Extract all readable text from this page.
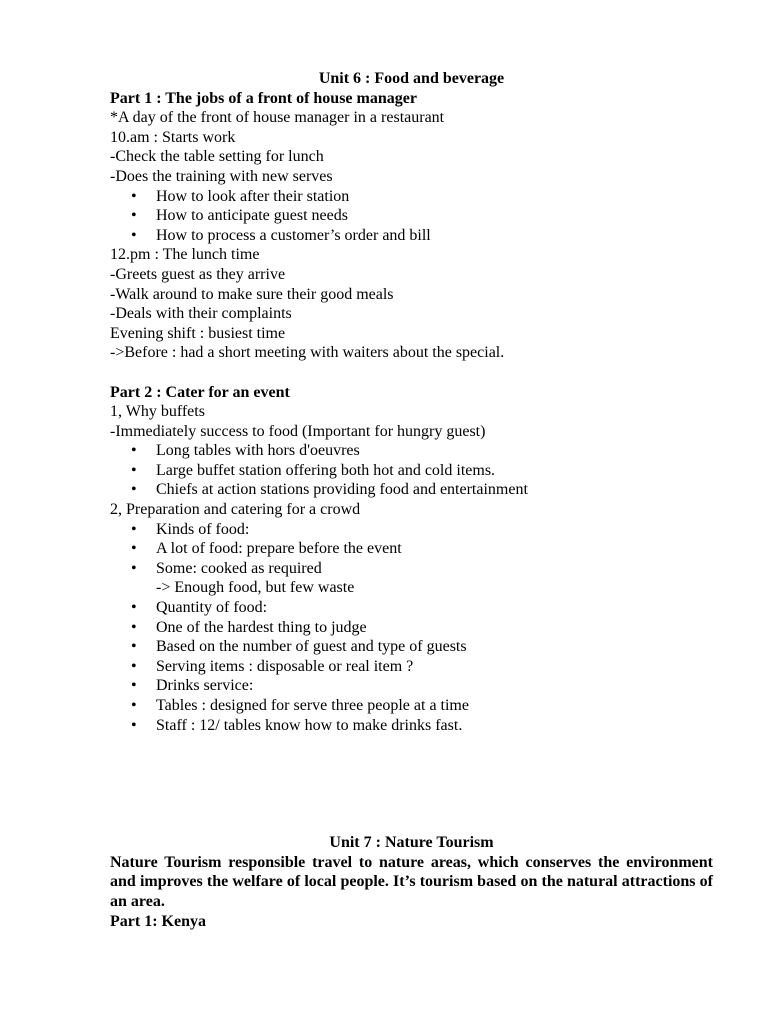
Unit 6 : Food and beverage

Part 1 : The jobs of a front of house manager

*A day of the front of house manager in a restaurant

10.am : Starts work

-Check the table setting for lunch

-Does the training with new serves

• How to look after their station
• How to anticipate guest needs
• How to process a customer’s order and bill

12.pm : The lunch time

-Greets guest as they arrive

-Walk around to make sure their good meals

-Deals with their complaints

Evening shift : busiest time

->Before : had a short meeting with waiters about the special.

Part 2 : Cater for an event

1, Why buffets

-Immediately success to food (Important for hungry guest)

• Long tables with hors d'oeuvres
• Large buffet station offering both hot and cold items.
• Chiefs at action stations providing food and entertainment

2, Preparation and catering for a crowd

• Kinds of food:
• A lot of food: prepare before the event
• Some: cooked as required

-> Enough food, but few waste

• Quantity of food:
• One of the hardest thing to judge
• Based on the number of guest and type of guests
• Serving items : disposable or real item ?
• Drinks service:
• Tables : designed for serve three people at a time
• Staff : 12/ tables know how to make drinks fast.

Unit 7 : Nature Tourism

Nature Tourism responsible travel to nature areas, which conserves the environment and improves the welfare of local people. It’s tourism based on the natural attractions of an area.

Part 1: Kenya
